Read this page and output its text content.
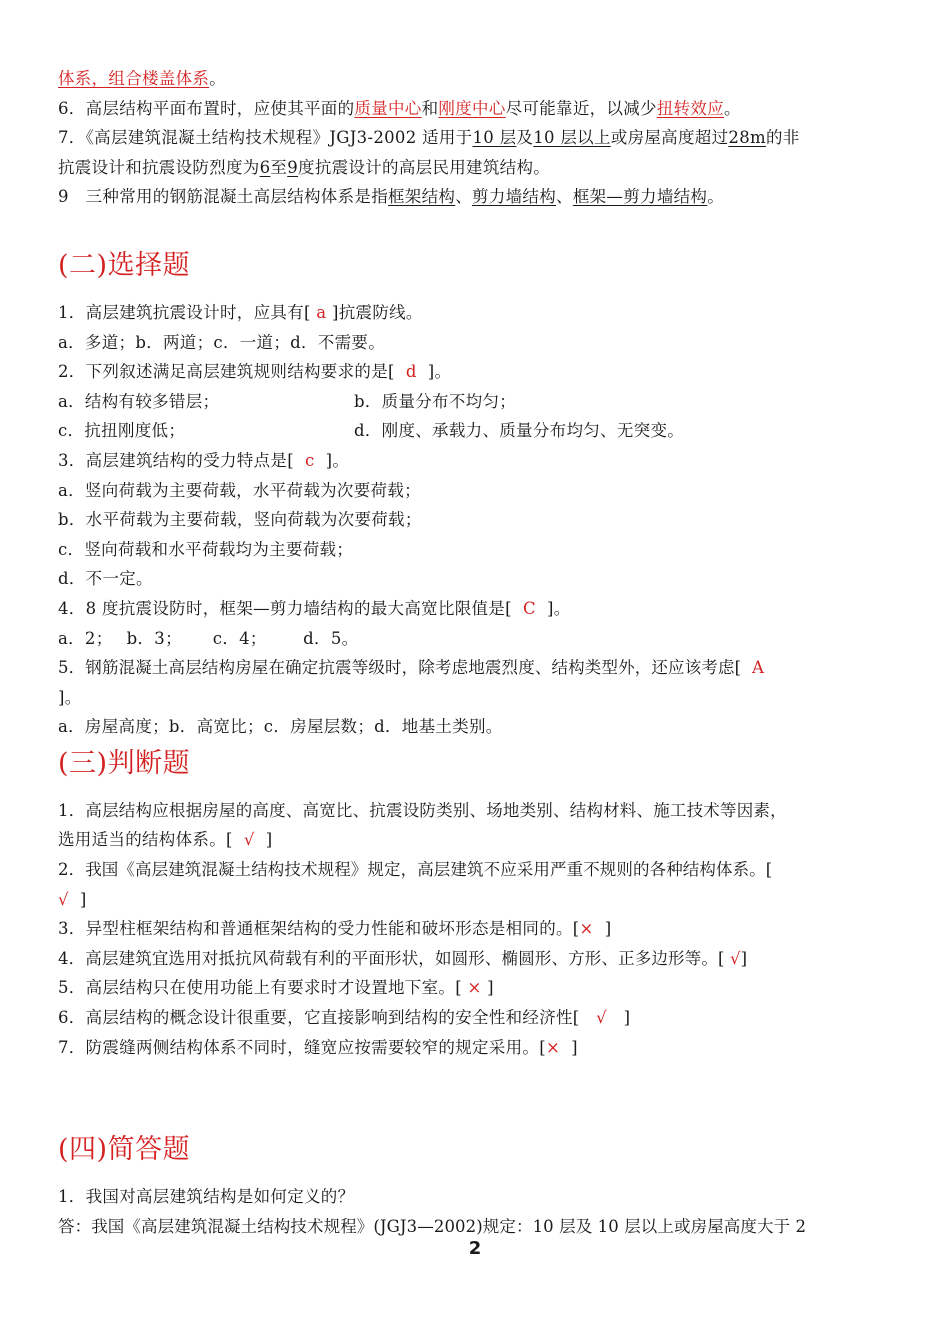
体系，组合楼盖体系。
6．高层结构平面布置时，应使其平面的质量中心和刚度中心尽可能靠近，以减少扭转效应。
7．《高层建筑混凝土结构技术规程》JGJ3-2002 适用于10 层及10 层以上或房屋高度超过28m的非
抗震设计和抗震设防烈度为6至9度抗震设计的高层民用建筑结构。
9　三种常用的钢筋混凝土高层结构体系是指框架结构、剪力墙结构、框架—剪力墙结构。
(二)选择题
1．高层建筑抗震设计时，应具有[ a ]抗震防线。
a．多道；b．两道；c．一道；d．不需要。
2．下列叙述满足高层建筑规则结构要求的是[  d  ]。
a．结构有较多错层；	b．质量分布不均匀；
c．抗扭刚度低；	d．刚度、承载力、质量分布均匀、无突变。
3．高层建筑结构的受力特点是[  c  ]。
a．竖向荷载为主要荷载，水平荷载为次要荷载；
b．水平荷载为主要荷载，竖向荷载为次要荷载；
c．竖向荷载和水平荷载均为主要荷载；
d．不一定。
4．8 度抗震设防时，框架—剪力墙结构的最大高宽比限值是[  C  ]。
a．2；　 b．3；　 　c．4；　 　 d．5。
5．钢筋混凝土高层结构房屋在确定抗震等级时，除考虑地震烈度、结构类型外，还应该考虑[  A
]。
a．房屋高度；b．高宽比；c．房屋层数；d．地基土类别。
(三)判断题
1．高层结构应根据房屋的高度、高宽比、抗震设防类别、场地类别、结构材料、施工技术等因素，
选用适当的结构体系。[  √  ]
2．我国《高层建筑混凝土结构技术规程》规定，高层建筑不应采用严重不规则的各种结构体系。[
√  ]
3．异型柱框架结构和普通框架结构的受力性能和破坏形态是相同的。[×  ]
4．高层建筑宜选用对抵抗风荷载有利的平面形状，如圆形、椭圆形、方形、正多边形等。[ √]
5．高层结构只在使用功能上有要求时才设置地下室。[ × ]
6．高层结构的概念设计很重要，它直接影响到结构的安全性和经济性[   √   ]
7．防震缝两侧结构体系不同时，缝宽应按需要较窄的规定采用。[×  ]
(四)简答题
1．我国对高层建筑结构是如何定义的？
答：我国《高层建筑混凝土结构技术规程》(JGJ3—2002)规定：10 层及 10 层以上或房屋高度大于 2
2
